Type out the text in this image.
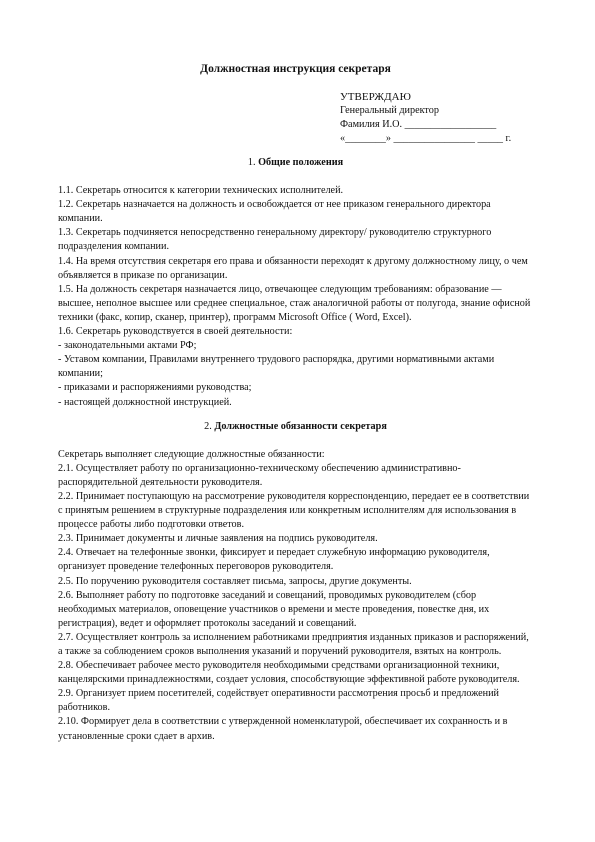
Должностная инструкция секретаря
УТВЕРЖДАЮ
Генеральный директор
Фамилия И.О. __________________
«________» ________________ _____ г.
1. Общие положения

1.1. Секретарь относится к категории технических исполнителей.

1.2. Секретарь назначается на должность и освобождается от нее приказом генерального директора компании.

1.3. Секретарь подчиняется непосредственно генеральному директору/ руководителю структурного подразделения компании.

1.4. На время отсутствия секретаря его права и обязанности переходят к другому должностному лицу, о чем объявляется в приказе по организации.

1.5. На должность секретаря назначается лицо, отвечающее следующим требованиям: образование — высшее, неполное высшее или среднее специальное, стаж аналогичной работы от полугода, знание офисной техники (факс, копир, сканер, принтер), программ Microsoft Office ( Word, Excel).

1.6. Секретарь руководствуется в своей деятельности:

- законодательными актами РФ;

- Уставом компании, Правилами внутреннего трудового распорядка, другими нормативными актами компании;

- приказами и распоряжениями руководства;

- настоящей должностной инструкцией.

2. Должностные обязанности секретаря

Секретарь выполняет следующие должностные обязанности:

2.1. Осуществляет работу по организационно-техническому обеспечению административно-распорядительной деятельности руководителя.

2.2. Принимает поступающую на рассмотрение руководителя корреспонденцию, передает ее в соответствии с принятым решением в структурные подразделения или конкретным исполнителям для использования в процессе работы либо подготовки ответов.

2.3. Принимает документы и личные заявления на подпись руководителя.

2.4. Отвечает на телефонные звонки, фиксирует и передает служебную информацию руководителя, организует проведение телефонных переговоров руководителя.

2.5. По поручению руководителя составляет письма, запросы, другие документы.

2.6. Выполняет работу по подготовке заседаний и совещаний, проводимых руководителем (сбор необходимых материалов, оповещение участников о времени и месте проведения, повестке дня, их регистрация), ведет и оформляет протоколы заседаний и совещаний.

2.7. Осуществляет контроль за исполнением работниками предприятия изданных приказов и распоряжений, а также за соблюдением сроков выполнения указаний и поручений руководителя, взятых на контроль.

2.8. Обеспечивает рабочее место руководителя необходимыми средствами организационной техники, канцелярскими принадлежностями, создает условия, способствующие эффективной работе руководителя.

2.9. Организует прием посетителей, содействует оперативности рассмотрения просьб и предложений работников.

2.10. Формирует дела в соответствии с утвержденной номенклатурой, обеспечивает их сохранность и в установленные сроки сдает в архив.
